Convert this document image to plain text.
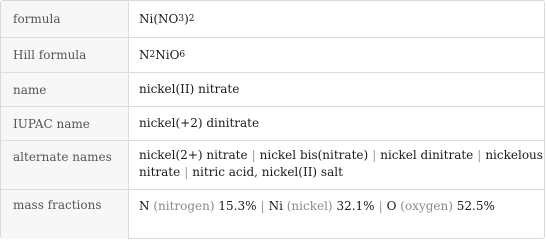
formula	Ni(NO 3 ) 2
Hill formula	N 2 NiO 6
name	nickel(II) nitrate
IUPAC name	nickel(+2) dinitrate
alternate names	nickel(2+) nitrate | nickel bis(nitrate) | nickel dinitrate | nickelous nitrate | nitric acid, nickel(II) salt
mass fractions	N (nitrogen) 15.3% | Ni (nickel) 32.1% | O (oxygen) 52.5%
